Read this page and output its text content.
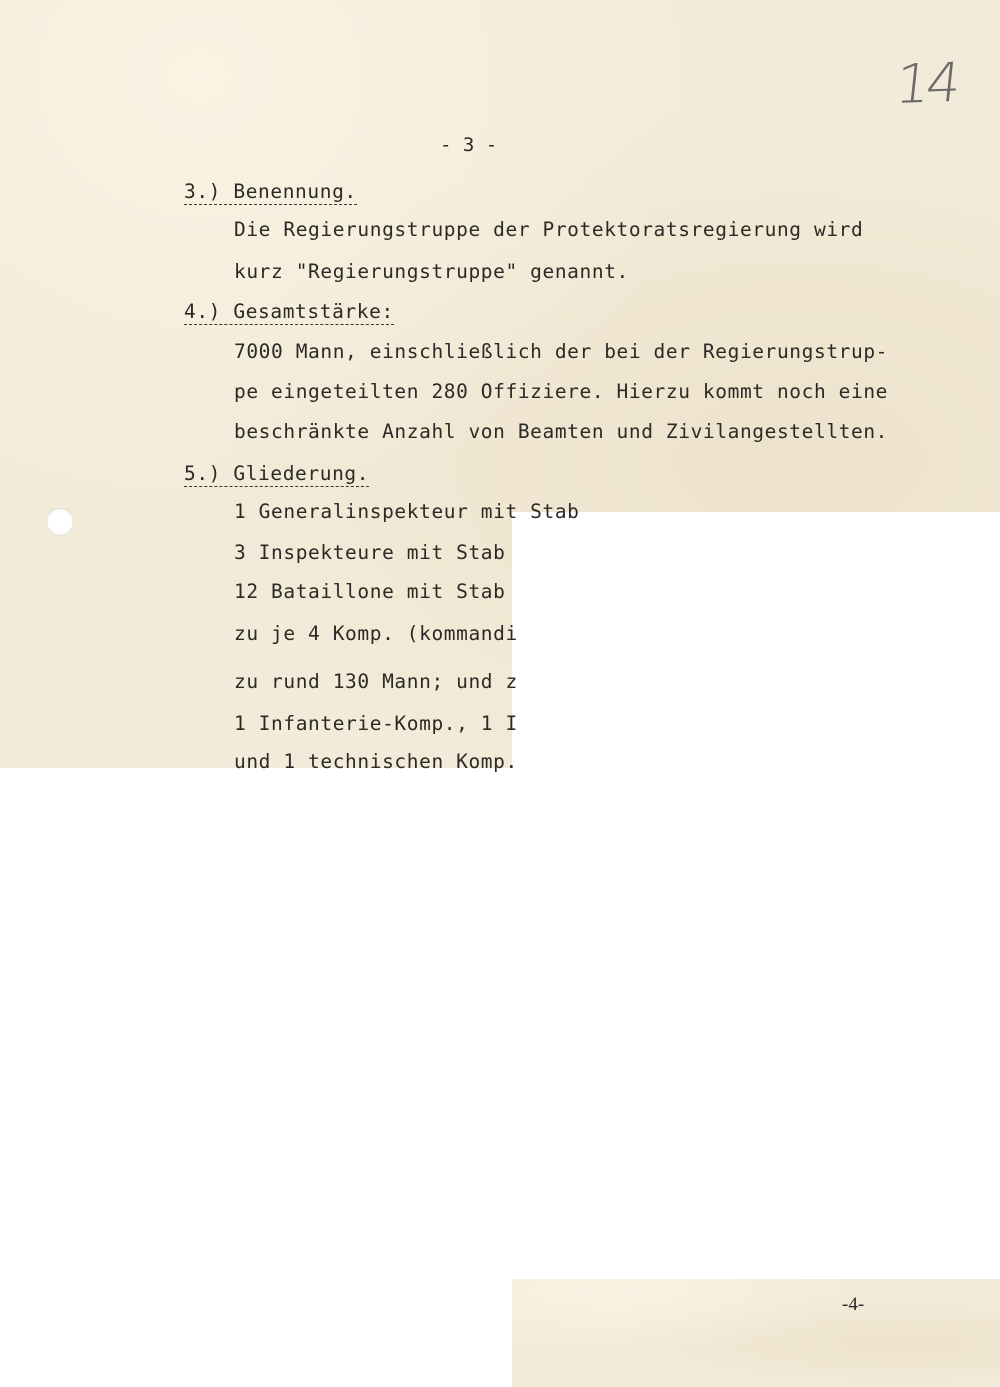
14
- 3 -
3.) Benennung.
Die Regierungstruppe der Protektoratsregierung wird
kurz "Regierungstruppe" genannt.
4.) Gesamtstärke:
7000 Mann, einschließlich der bei der Regierungstrup-
pe eingeteilten 280 Offiziere. Hierzu kommt noch eine
beschränkte Anzahl von Beamten und Zivilangestellten.
5.) Gliederung.
1 Generalinspekteur mit Stab
3 Inspekteure mit Stab
12 Bataillone mit Stab
zu je 4 Komp. (kommandi
zu rund 130 Mann; und z
1 Infanterie-Komp., 1 I
und 1 technischen Komp.
-4-
